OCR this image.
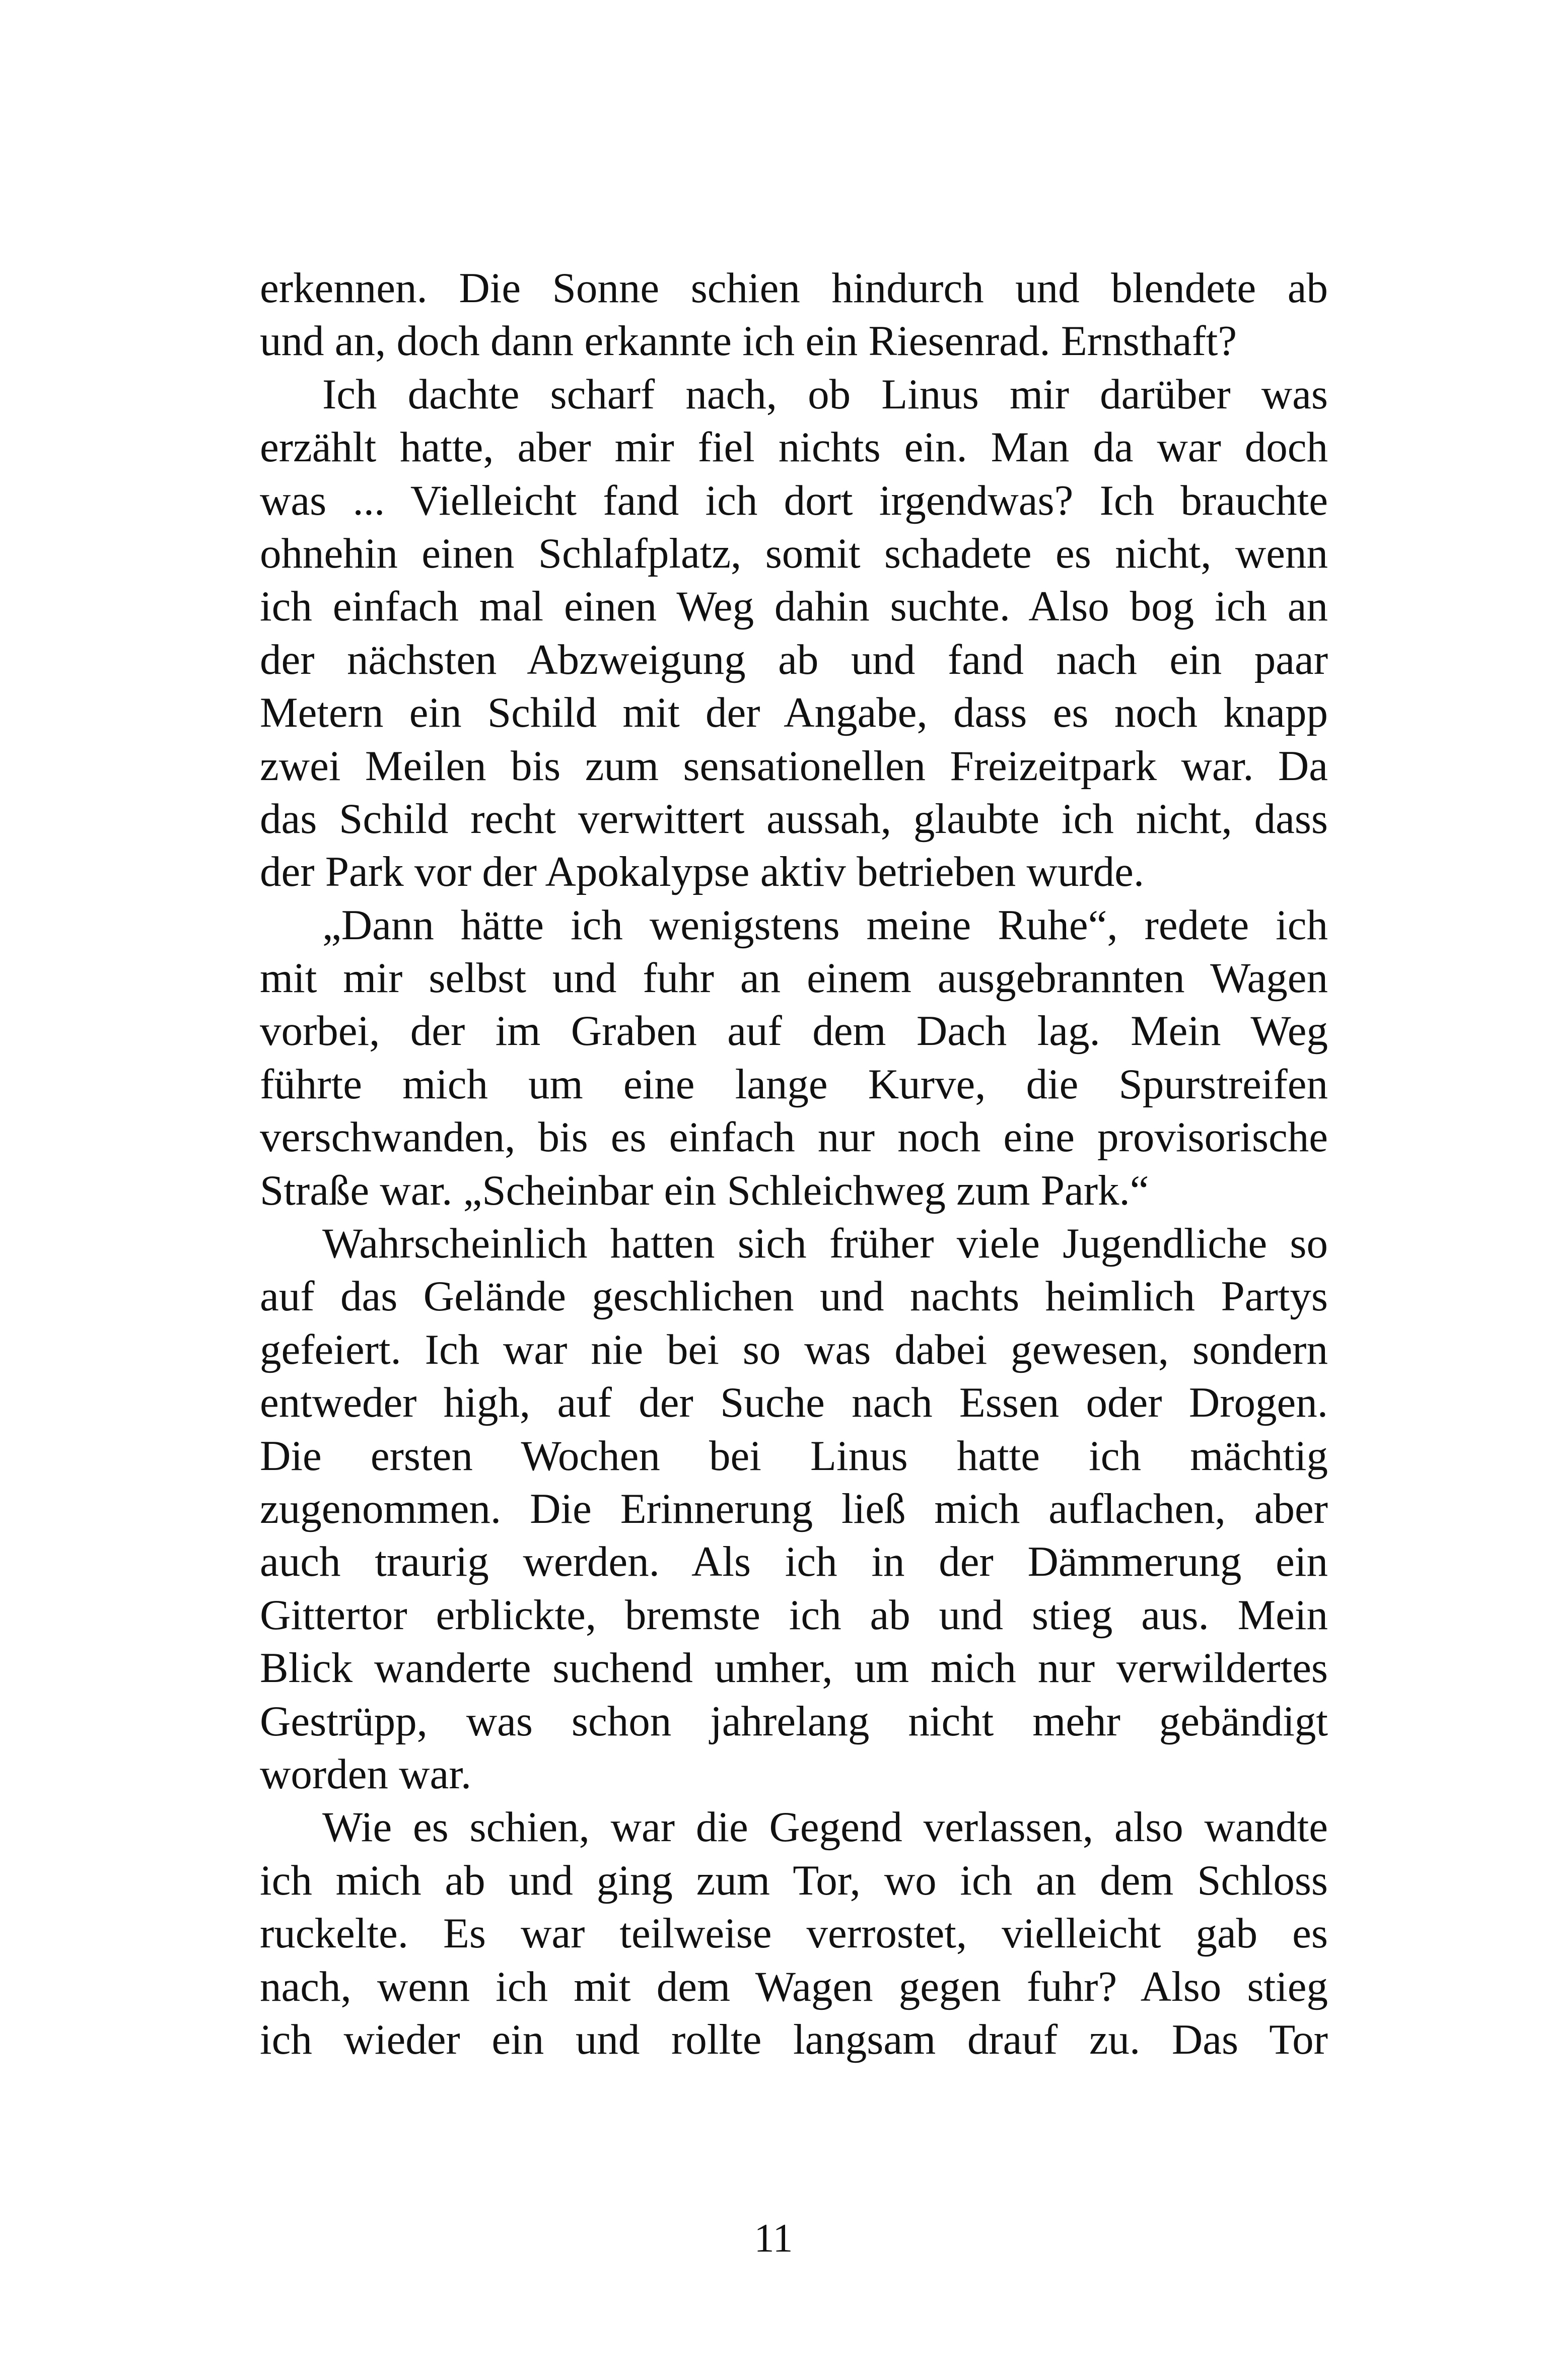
erkennen. Die Sonne schien hindurch und blendete ab
und an, doch dann erkannte ich ein Riesenrad. Ernsthaft?
Ich dachte scharf nach, ob Linus mir darüber was
erzählt hatte, aber mir fiel nichts ein. Man da war doch
was ... Vielleicht fand ich dort irgendwas? Ich brauchte
ohnehin einen Schlafplatz, somit schadete es nicht, wenn
ich einfach mal einen Weg dahin suchte. Also bog ich an
der nächsten Abzweigung ab und fand nach ein paar
Metern ein Schild mit der Angabe, dass es noch knapp
zwei Meilen bis zum sensationellen Freizeitpark war. Da
das Schild recht verwittert aussah, glaubte ich nicht, dass
der Park vor der Apokalypse aktiv betrieben wurde.
„Dann hätte ich wenigstens meine Ruhe“, redete ich
mit mir selbst und fuhr an einem ausgebrannten Wagen
vorbei, der im Graben auf dem Dach lag. Mein Weg
führte mich um eine lange Kurve, die Spurstreifen
verschwanden, bis es einfach nur noch eine provisorische
Straße war. „Scheinbar ein Schleichweg zum Park.“
Wahrscheinlich hatten sich früher viele Jugendliche so
auf das Gelände geschlichen und nachts heimlich Partys
gefeiert. Ich war nie bei so was dabei gewesen, sondern
entweder high, auf der Suche nach Essen oder Drogen.
Die ersten Wochen bei Linus hatte ich mächtig
zugenommen. Die Erinnerung ließ mich auflachen, aber
auch traurig werden. Als ich in der Dämmerung ein
Gittertor erblickte, bremste ich ab und stieg aus. Mein
Blick wanderte suchend umher, um mich nur verwildertes
Gestrüpp, was schon jahrelang nicht mehr gebändigt
worden war.
Wie es schien, war die Gegend verlassen, also wandte
ich mich ab und ging zum Tor, wo ich an dem Schloss
ruckelte. Es war teilweise verrostet, vielleicht gab es
nach, wenn ich mit dem Wagen gegen fuhr? Also stieg
ich wieder ein und rollte langsam drauf zu. Das Tor
11
